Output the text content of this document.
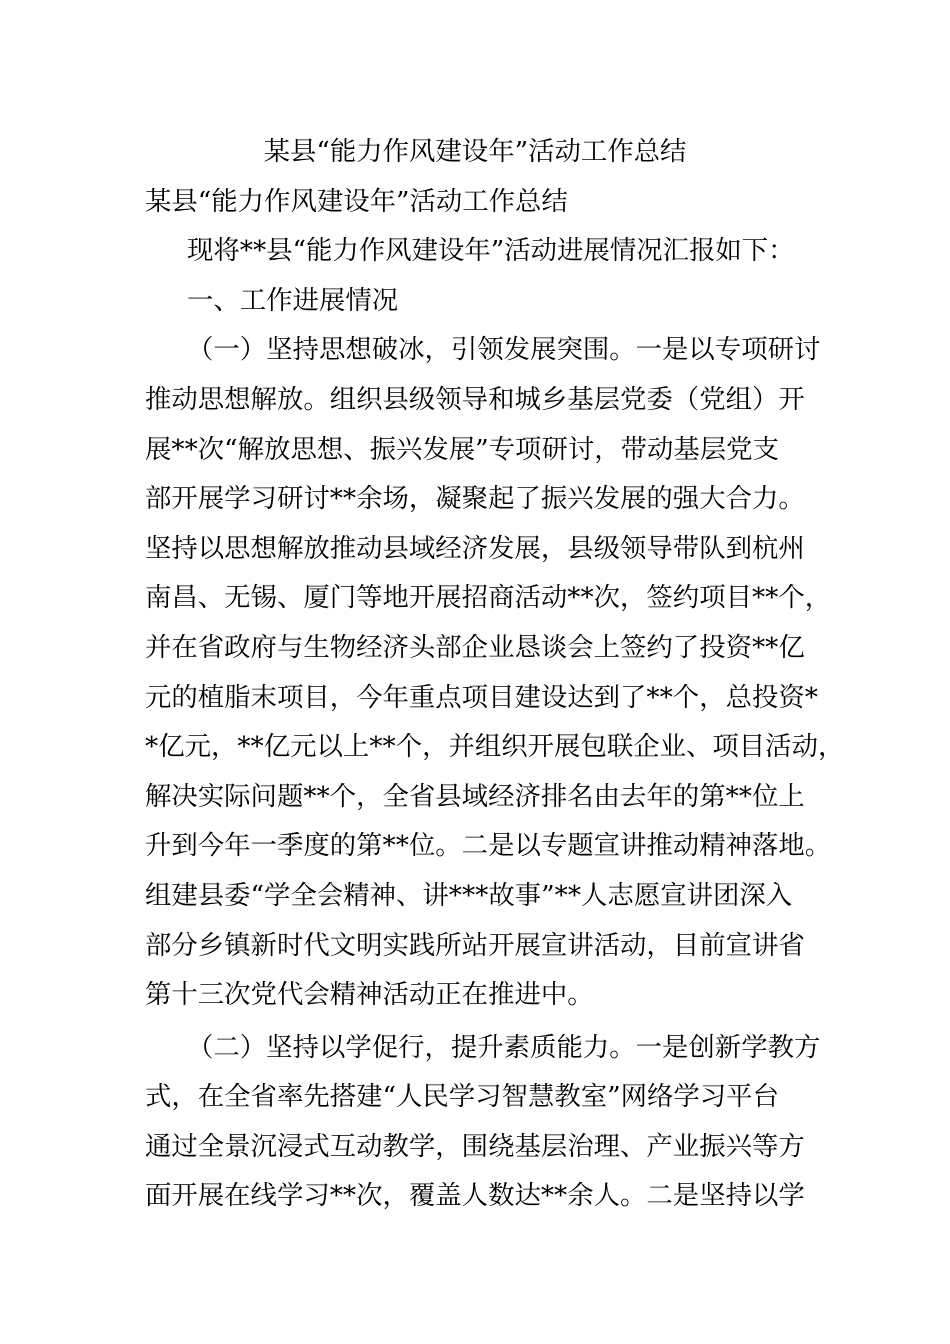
某县“能力作风建设年”活动工作总结
某县“能力作风建设年”活动工作总结
现将**县“能力作风建设年”活动进展情况汇报如下：
一、工作进展情况
（一）坚持思想破冰，引领发展突围。一是以专项研讨
推动思想解放。组织县级领导和城乡基层党委（党组）开
展**次“解放思想、振兴发展”专项研讨，带动基层党支
部开展学习研讨**余场，凝聚起了振兴发展的强大合力。
坚持以思想解放推动县域经济发展，县级领导带队到杭州
南昌、无锡、厦门等地开展招商活动**次，签约项目**个，
并在省政府与生物经济头部企业恳谈会上签约了投资**亿
元的植脂末项目，今年重点项目建设达到了**个，总投资*
*亿元，**亿元以上**个，并组织开展包联企业、项目活动，
解决实际问题**个，全省县域经济排名由去年的第**位上
升到今年一季度的第**位。二是以专题宣讲推动精神落地。
组建县委“学全会精神、讲***故事”**人志愿宣讲团深入
部分乡镇新时代文明实践所站开展宣讲活动，目前宣讲省
第十三次党代会精神活动正在推进中。
（二）坚持以学促行，提升素质能力。一是创新学教方
式，在全省率先搭建“人民学习智慧教室”网络学习平台
通过全景沉浸式互动教学，围绕基层治理、产业振兴等方
面开展在线学习**次，覆盖人数达**余人。二是坚持以学
